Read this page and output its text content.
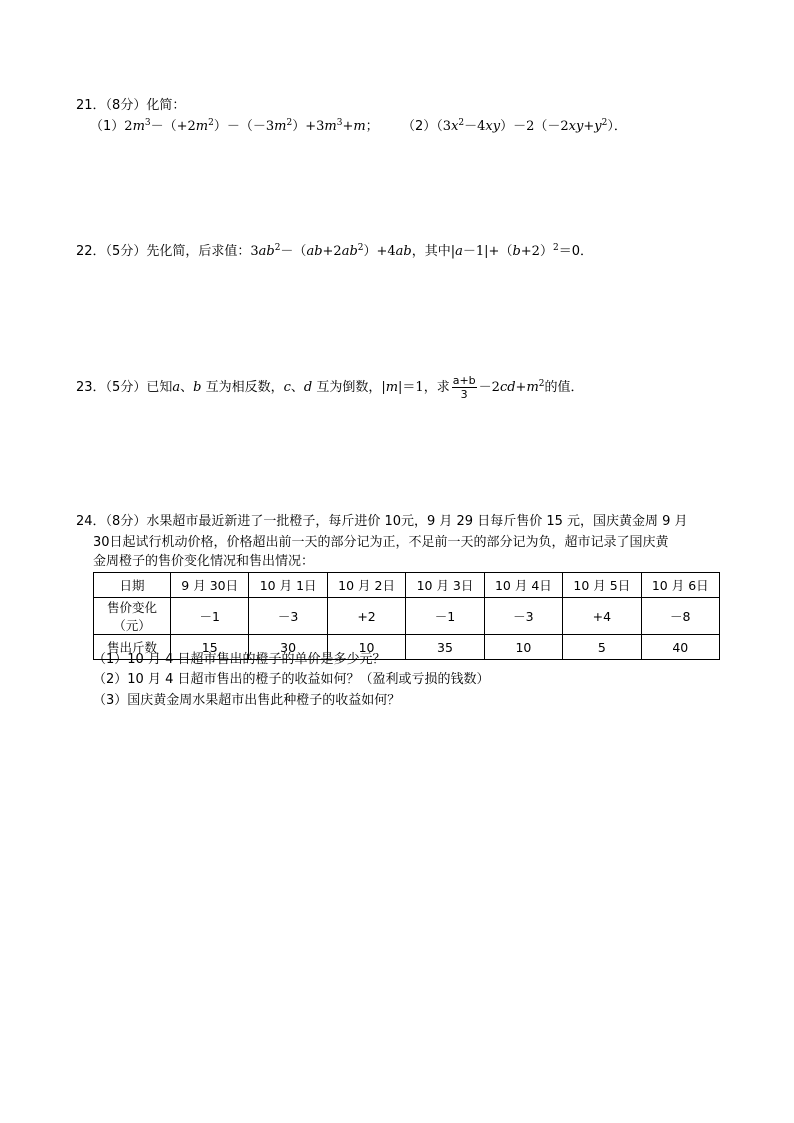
21．（8分）化简：
$(1)2m^3-(+2m^2)-(-3m^2)+3m^3+m$； $(2)(3x^2-4xy)-2(-2xy+y^2)$．
22．（5分）先化简，后求值：$3ab^2-(ab+2ab^2)+4ab$，其中$|a-1|+(b+2)^2=0$．
23．（5分）已知a、b 互为相反数，c、d 互为倒数，|m|＝1，求 $\frac{a+b}{3} -2cd+m^2$的值．
24．（8分）水果超市最近新进了一批橙子，每斤进价 10元，9 月 29 日每斤售价 15 元，国庆黄金周 9 月
30日起试行机动价格，价格超出前一天的部分记为正，不足前一天的部分记为负，超市记录了国庆黄
金周橙子的售价变化情况和售出情况：
日期	9 月 30日	10 月 1日	10 月 2日	10 月 3日	10 月 4日	10 月 5日	10 月 6日
售价变化（元）	－1	－3	+2	－1	－3	+4	－8
售出斤数	15	30	10	35	10	5	40
（1）10 月 4 日超市售出的橙子的单价是多少元？
（2）10 月 4 日超市售出的橙子的收益如何？（盈利或亏损的钱数）
（3）国庆黄金周水果超市出售此种橙子的收益如何？
